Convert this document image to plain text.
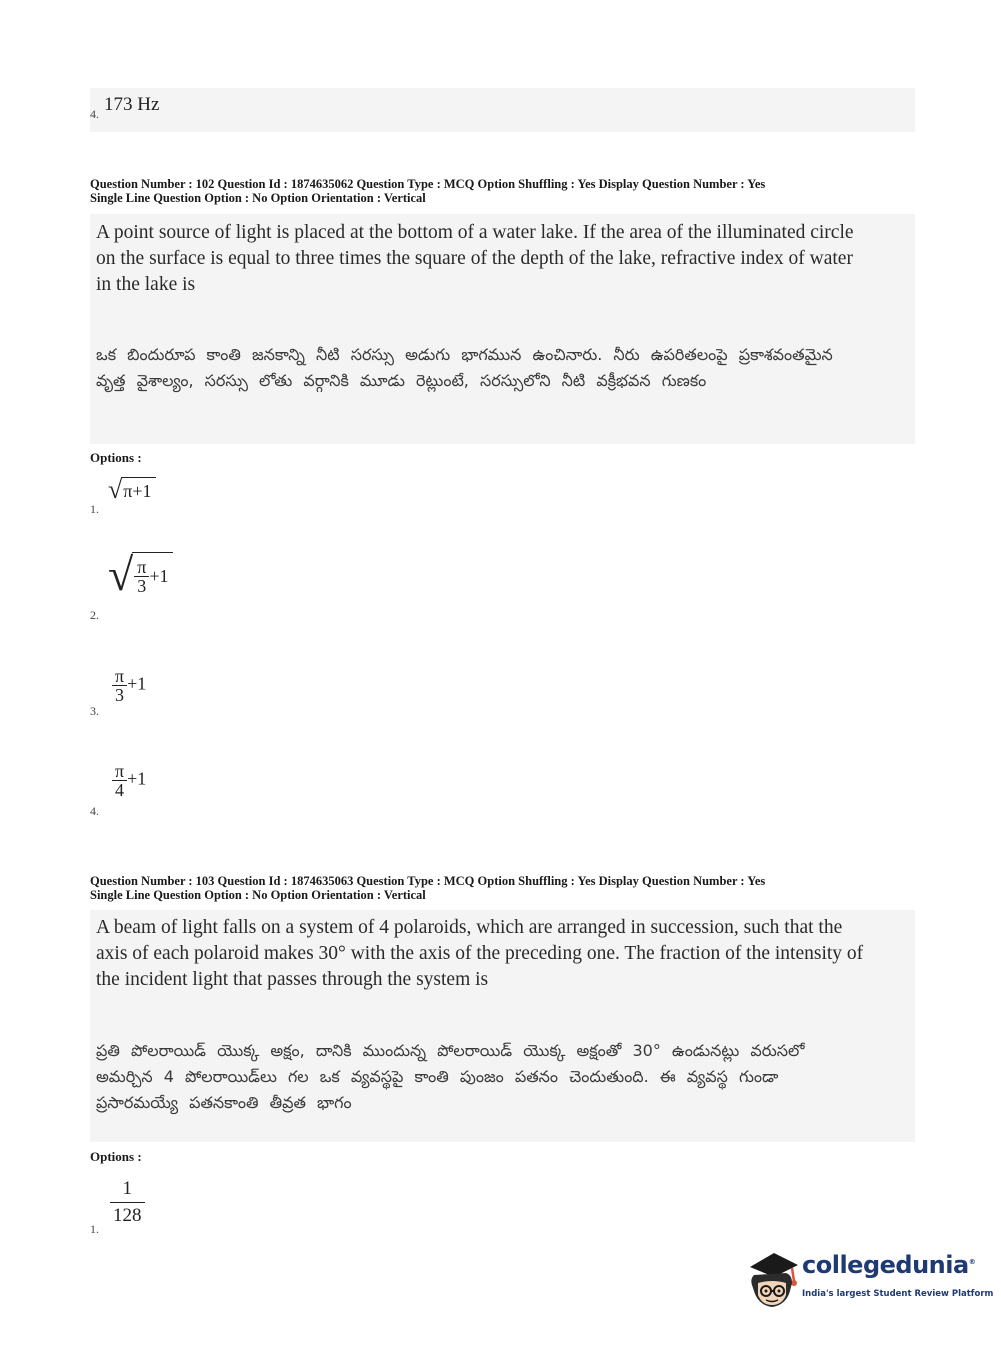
4. 173 Hz
Question Number : 102 Question Id : 1874635062 Question Type : MCQ Option Shuffling : Yes Display Question Number : Yes
Single Line Question Option : No Option Orientation : Vertical
A point source of light is placed at the bottom of a water lake. If the area of the illuminated circle on the surface is equal to three times the square of the depth of the lake, refractive index of water in the lake is
ఒక బిందురూప కాంతి జనకాన్ని నీటి సరస్సు అడుగు భాగమున ఉంచినారు. నీరు ఉపరితలంపై ప్రకాశవంతమైన వృత్త వైశాల్యం, సరస్సు లోతు వర్గానికి మూడు రెట్లుంటే, సరస్సులోని నీటి వక్రీభవన గుణకం
Options :
1.
√ π +1
2.
√ $\frac{\pi}{3} +1$
3.
$\frac{\pi}{3} +1$
4.
$\frac{\pi}{4} +1$
Question Number : 103 Question Id : 1874635063 Question Type : MCQ Option Shuffling : Yes Display Question Number : Yes
Single Line Question Option : No Option Orientation : Vertical
A beam of light falls on a system of 4 polaroids, which are arranged in succession, such that the axis of each polaroid makes 30° with the axis of the preceding one. The fraction of the intensity of the incident light that passes through the system is
ప్రతి పోలరాయిడ్ యొక్క అక్షం, దానికి ముందున్న పోలరాయిడ్ యొక్క అక్షంతో 30° ఉండునట్లు వరుసలో అమర్చిన 4 పోలరాయిడ్‌లు గల ఒక వ్యవస్థపై కాంతి పుంజం పతనం చెందుతుంది. ఈ వ్యవస్థ గుండా ప్రసారమయ్యే పతనకాంతి తీవ్రత భాగం
Options :
1. $\frac{1}{128}$
collegedunia®
India's largest Student Review Platform
